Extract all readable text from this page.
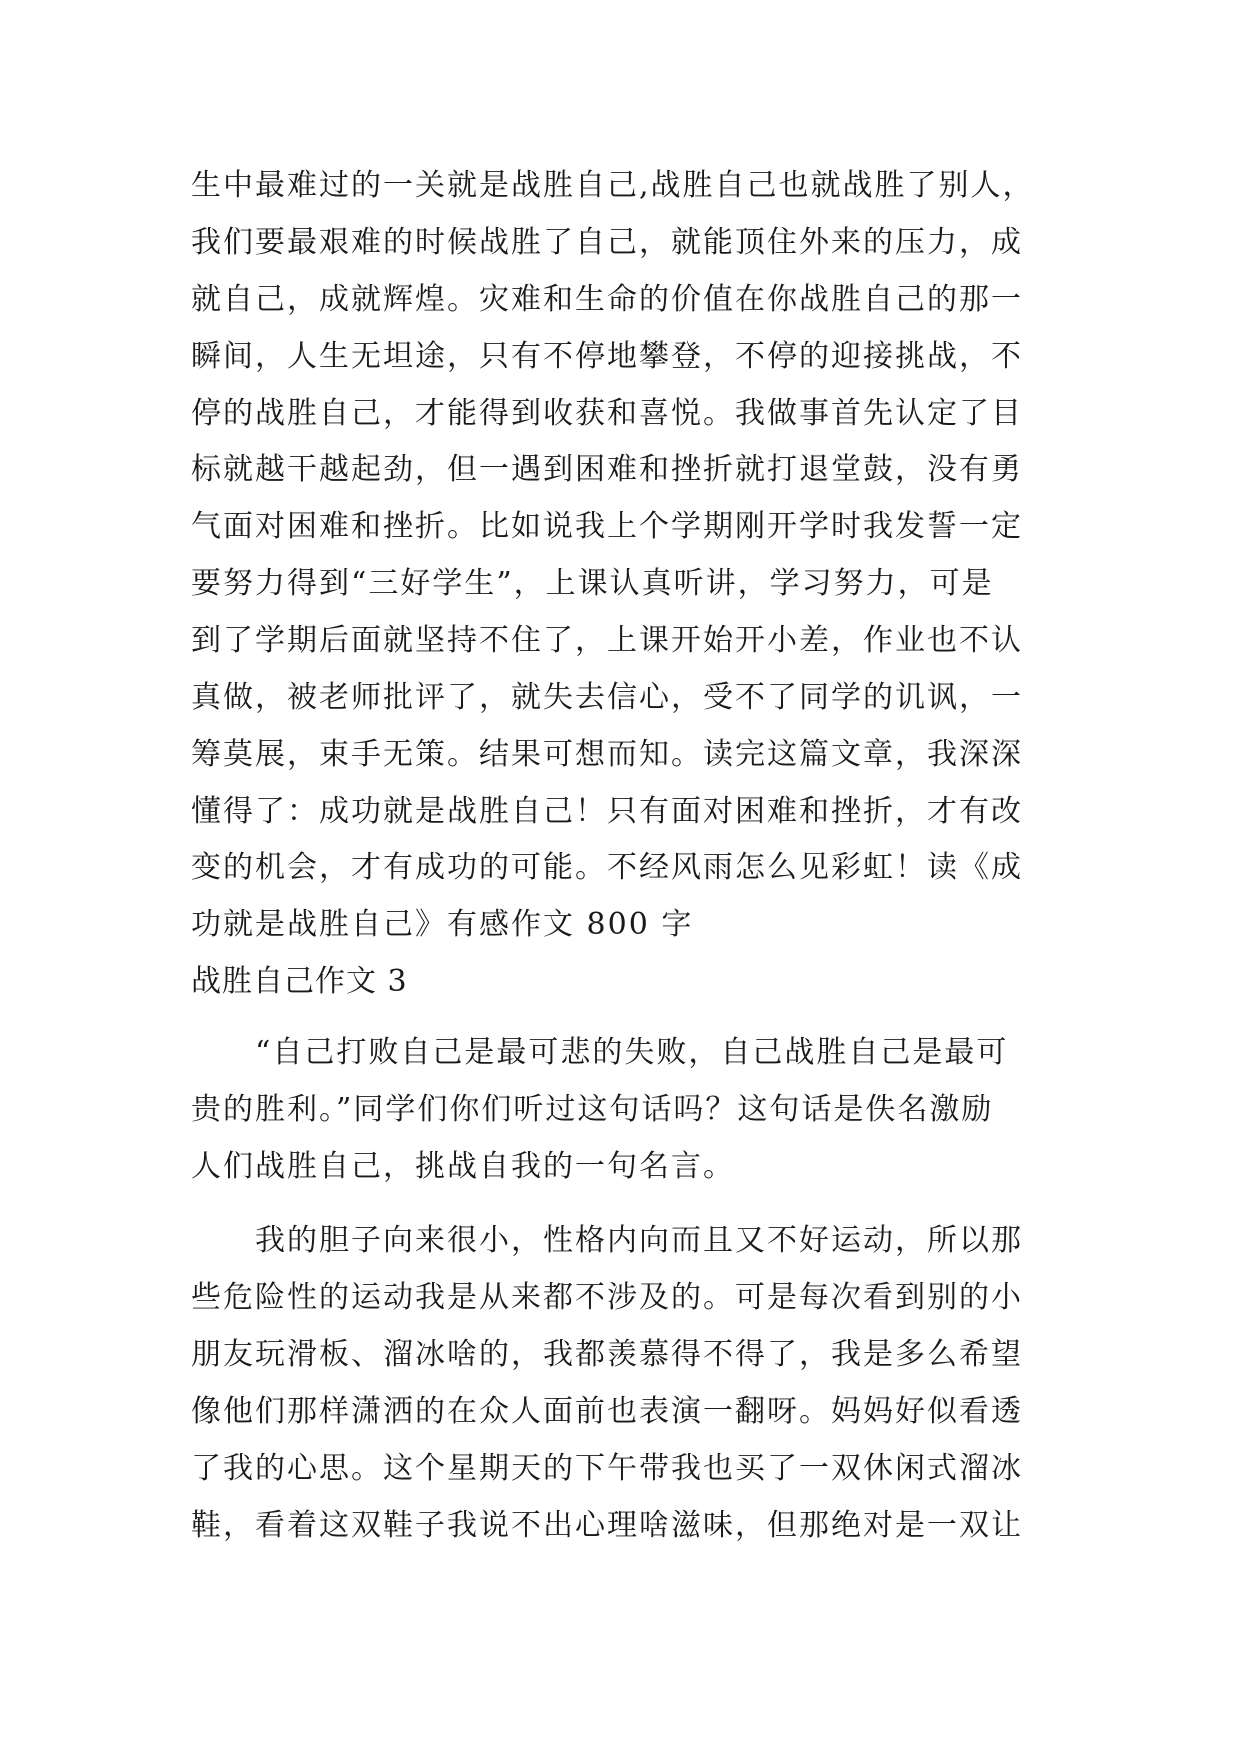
生中最难过的一关就是战胜自己,战胜自己也就战胜了别人，
我们要最艰难的时候战胜了自己，就能顶住外来的压力，成
就自己，成就辉煌。灾难和生命的价值在你战胜自己的那一
瞬间，人生无坦途，只有不停地攀登，不停的迎接挑战，不
停的战胜自己，才能得到收获和喜悦。我做事首先认定了目
标就越干越起劲，但一遇到困难和挫折就打退堂鼓，没有勇
气面对困难和挫折。比如说我上个学期刚开学时我发誓一定
要努力得到“三好学生”，上课认真听讲，学习努力，可是
到了学期后面就坚持不住了，上课开始开小差，作业也不认
真做，被老师批评了，就失去信心，受不了同学的讥讽，一
筹莫展，束手无策。结果可想而知。读完这篇文章，我深深
懂得了：成功就是战胜自己！只有面对困难和挫折，才有改
变的机会，才有成功的可能。不经风雨怎么见彩虹！读《成
功就是战胜自己》有感作文 800 字
战胜自己作文 3
　　“自己打败自己是最可悲的失败，自己战胜自己是最可
贵的胜利。”同学们你们听过这句话吗？这句话是佚名激励
人们战胜自己，挑战自我的一句名言。
　　我的胆子向来很小，性格内向而且又不好运动，所以那
些危险性的运动我是从来都不涉及的。可是每次看到别的小
朋友玩滑板、溜冰啥的，我都羡慕得不得了，我是多么希望
像他们那样潇洒的在众人面前也表演一翻呀。妈妈好似看透
了我的心思。这个星期天的下午带我也买了一双休闲式溜冰
鞋，看着这双鞋子我说不出心理啥滋味，但那绝对是一双让
